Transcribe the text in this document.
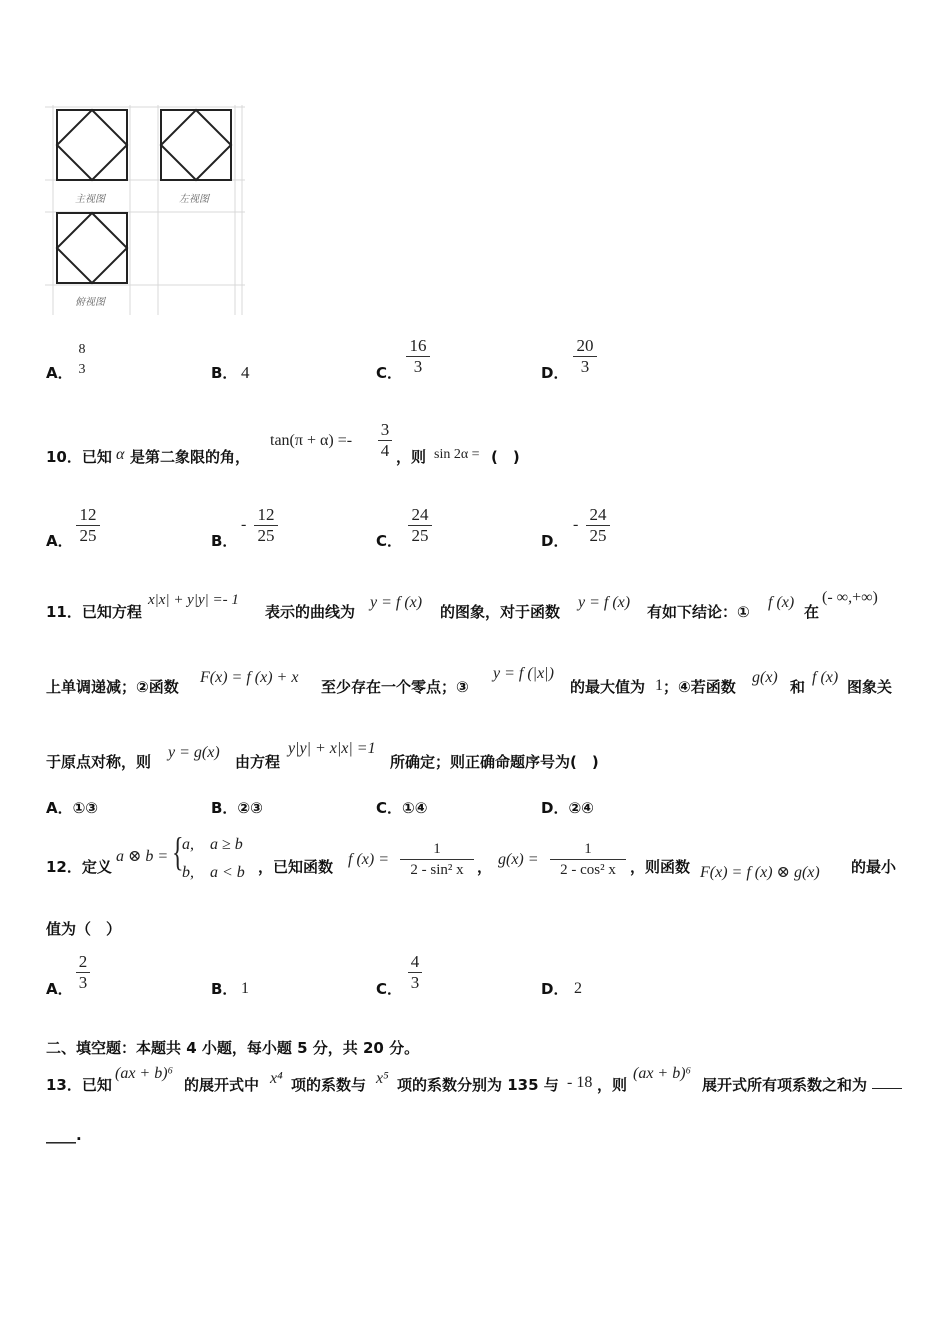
主视图	左视图
俯视图
A．
8
3	B． 4	C． $\frac{16}{3}$	D． $\frac{20}{3}$
10．已知 α 是第二象限的角，
$\tan(\pi + \alpha) =- \frac{3}{4}$ ，则 sin 2α = (　)
A． $\frac{12}{25}$	B．
- $\frac{12}{25}$	C． $\frac{24}{25}$	D．
- $\frac{24}{25}$
11．已知方程
x|x| + y|y| =- 1
表示的曲线为
y = f (x)
的图象，对于函数
y = f (x)
有如下结论：①
f (x)
在
(- ∞,+∞)
上单调递减；②函数
F(x) = f (x) + x
至少存在一个零点；③
y = f (|x|)
的最大值为 1 ；④若函数
g(x)
和
f (x)
图象关
于原点对称，则
y = g(x)
由方程
y|y| + x|x| =1
所确定；则正确命题序号为(　)
A．①③	B．②③	C．①④	D．②④
12．定义
a ⊗ b = {
a,　a ≥ b
b,　a < b ，已知函数 f $(x) = \frac{1}{\text{2 - sin² x}}$ ， $g(x) = \frac{1}{\text{2 - cos² x}}$ ，则函数 F(x) = f (x) ⊗ g(x) 的最小
值为（　）
A． $\frac{2}{3}$	B． 1	C． $\frac{4}{3}$	D． 2
二、填空题：本题共 4 小题，每小题 5 分，共 20 分。
13．已知
(ax + b)⁶
的展开式中 x⁴ 项的系数与 x⁵ 项的系数分别为 135 与 - 18 ，则
(ax + b)⁶
展开式所有项系数之和为
____.
